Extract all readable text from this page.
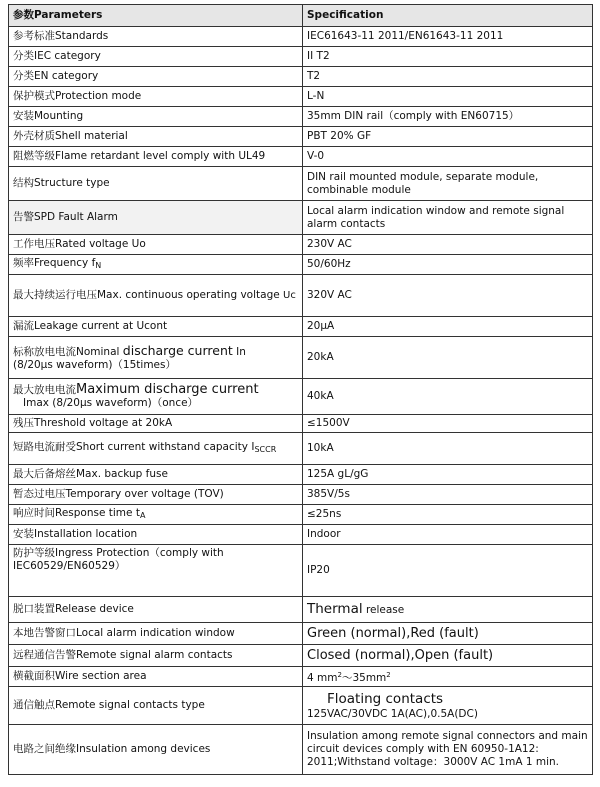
参数Parameters	Specification
参考标准Standards	IEC61643-11 2011/EN61643-11 2011
分类IEC category	II T2
分类EN category	T2
保护模式Protection mode	L-N
安装Mounting	35mm DIN rail（comply with EN60715）
外壳材质Shell material	PBT 20% GF
阻燃等级Flame retardant level comply with UL49	V-0
结构Structure type	DIN rail mounted module, separate module, combinable module
告警SPD Fault Alarm	Local alarm indication window and remote signal alarm contacts
工作电压Rated voltage Uo	230V AC
频率Frequency $f_N$	50/60Hz
最大持续运行电压Max. continuous operating voltage Uc	320V AC
漏流Leakage current at Ucont	20μA
标称放电电流Nominal discharge current In
(8/20μs waveform)（15times）	20kA
最大放电电流Maximum discharge current
Imax (8/20μs waveform)（once）	40kA
残压Threshold voltage at 20kA	≤1500V
短路电流耐受Short current withstand capacity $I_{SCCR}$	10kA
最大后备熔丝Max. backup fuse	125A gL/gG
暂态过电压Temporary over voltage (TOV)	385V/5s
响应时间Response time $t_A$	≤25ns
安装Installation location	Indoor
防护等级Ingress Protection（comply with IEC60529/EN60529）	IP20
脱口装置Release device	Thermal release
本地告警窗口Local alarm indication window	Green (normal),Red (fault)
远程通信告警Remote signal alarm contacts	Closed (normal),Open (fault)
横截面积Wire section area	4 $mm^2\sim 35mm^2$
通信触点Remote signal contacts type	Floating contacts
125VAC/30VDC 1A(AC),0.5A(DC)
电路之间绝缘Insulation among devices	Insulation among remote signal connectors and main circuit devices comply with EN 60950-1A12: 2011;Withstand voltage：3000V AC 1mA 1 min.
